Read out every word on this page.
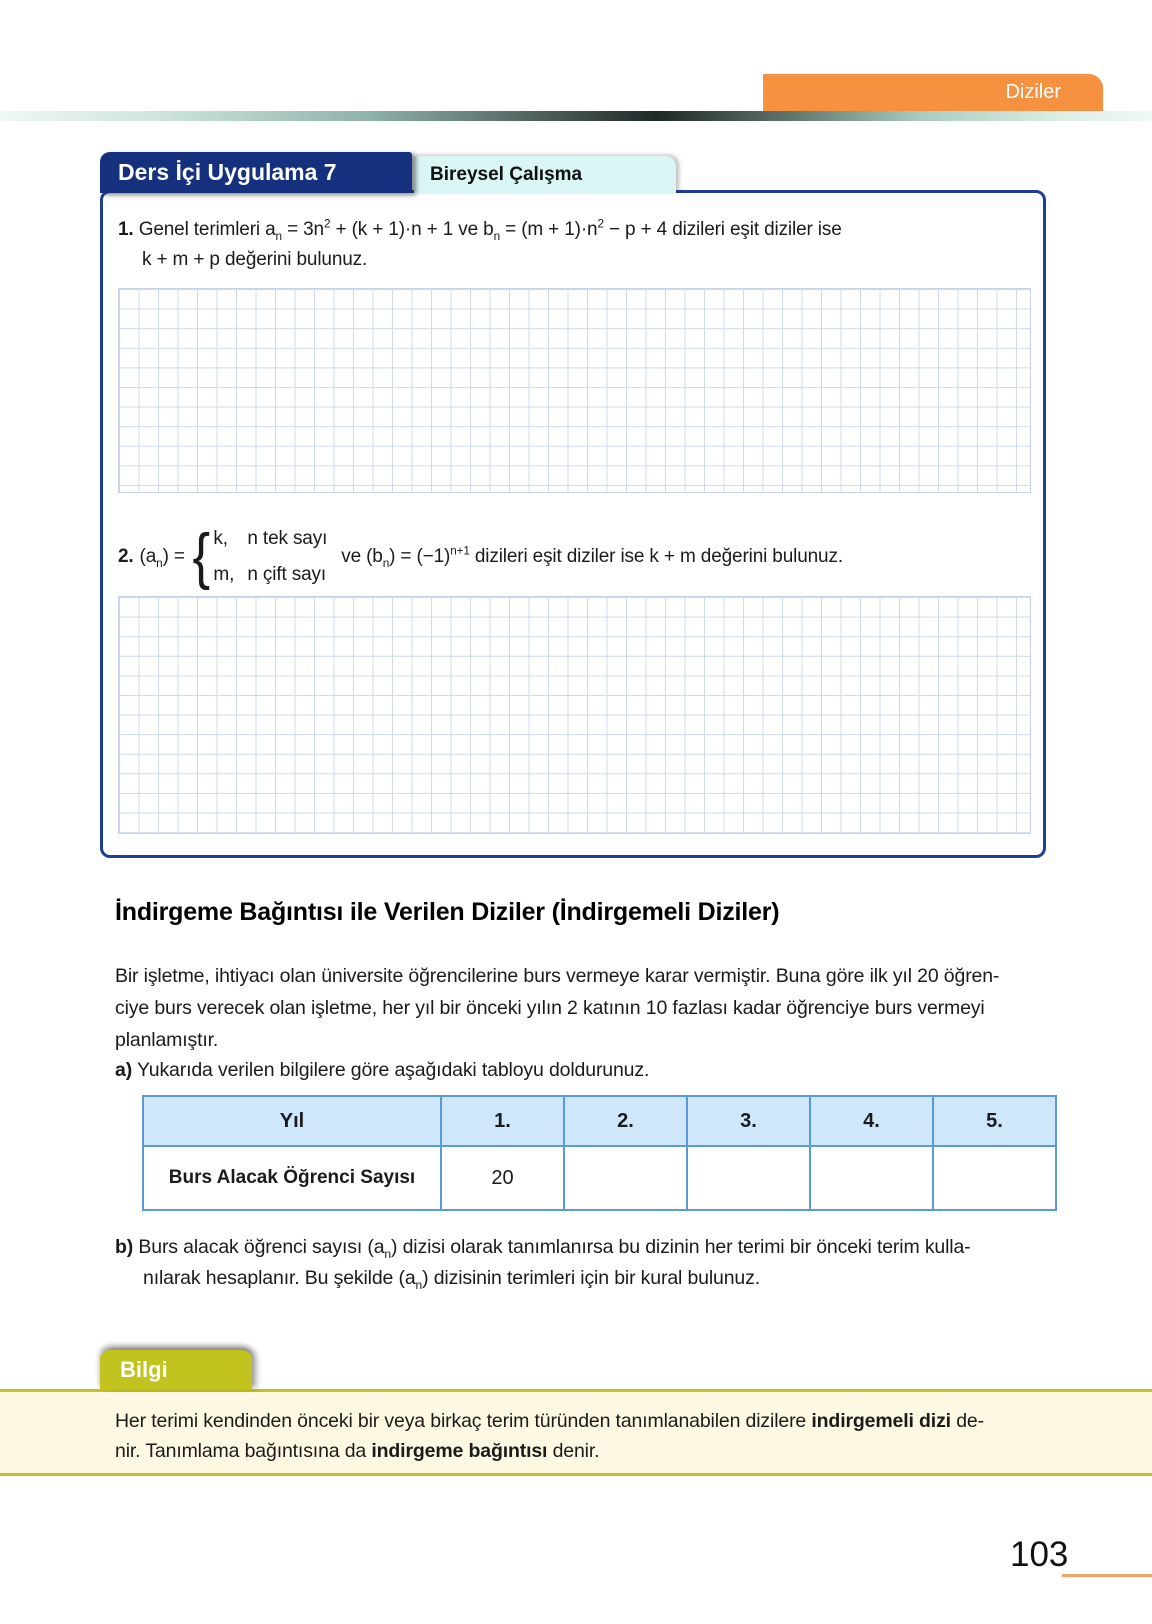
Diziler
Ders İçi Uygulama 7	Bireysel Çalışma
1. Genel terimleri $a_n = 3n^2 + (k + 1)\cdot n + 1$ ve $b_n = (m + 1)\cdot n^2 - p + 4$ dizileri eşit diziler ise
k + m + p değerini bulunuz.
2. $(a_n)$ = { k,	n tek sayı
m, n çift sayı
ve $(b_n) = (-1)^{n+1}$ dizileri eşit diziler ise k + m değerini bulunuz.
İndirgeme Bağıntısı ile Verilen Diziler (İndirgemeli Diziler)
Bir işletme, ihtiyacı olan üniversite öğrencilerine burs vermeye karar vermiştir. Buna göre ilk yıl 20 öğren-
ciye burs verecek olan işletme, her yıl bir önceki yılın 2 katının 10 fazlası kadar öğrenciye burs vermeyi
planlamıştır.
a) Yukarıda verilen bilgilere göre aşağıdaki tabloyu doldurunuz.
Yıl	1.	2.	3.	4.	5.
Burs Alacak Öğrenci Sayısı	20				
b) Burs alacak öğrenci sayısı $(a_n)$ dizisi olarak tanımlanırsa bu dizinin her terimi bir önceki terim kulla-
nılarak hesaplanır. Bu şekilde $(a_n)$ dizisinin terimleri için bir kural bulunuz.
Bilgi
Her terimi kendinden önceki bir veya birkaç terim türünden tanımlanabilen dizilere indirgemeli dizi de-
nir. Tanımlama bağıntısına da indirgeme bağıntısı denir.
103
